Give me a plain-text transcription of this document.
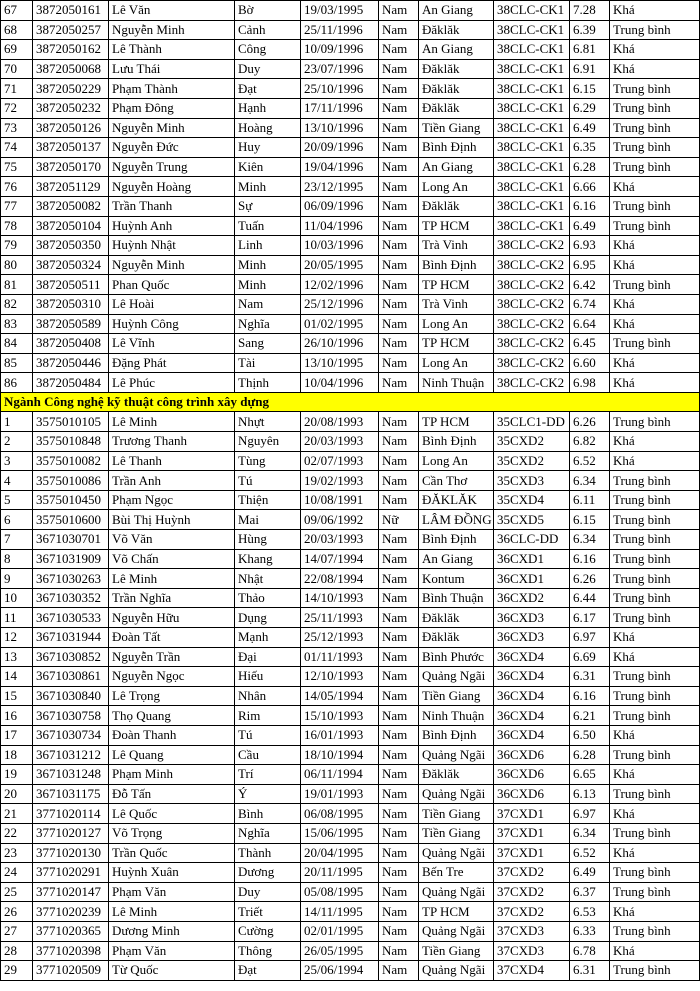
67	3872050161	Lê Văn	Bờ	19/03/1995	Nam	An Giang	38CLC-CK1	7.28	Khá
68	3872050257	Nguyễn Minh	Cảnh	25/11/1996	Nam	Đăklăk	38CLC-CK1	6.39	Trung bình
69	3872050162	Lê Thành	Công	10/09/1996	Nam	An Giang	38CLC-CK1	6.81	Khá
70	3872050068	Lưu Thái	Duy	23/07/1996	Nam	Đăklăk	38CLC-CK1	6.91	Khá
71	3872050229	Phạm Thành	Đạt	25/10/1996	Nam	Đăklăk	38CLC-CK1	6.15	Trung bình
72	3872050232	Phạm Đông	Hạnh	17/11/1996	Nam	Đăklăk	38CLC-CK1	6.29	Trung bình
73	3872050126	Nguyễn Minh	Hoàng	13/10/1996	Nam	Tiền Giang	38CLC-CK1	6.49	Trung bình
74	3872050137	Nguyễn Đức	Huy	20/09/1996	Nam	Bình Định	38CLC-CK1	6.35	Trung bình
75	3872050170	Nguyễn Trung	Kiên	19/04/1996	Nam	An Giang	38CLC-CK1	6.28	Trung bình
76	3872051129	Nguyễn Hoàng	Minh	23/12/1995	Nam	Long An	38CLC-CK1	6.66	Khá
77	3872050082	Trần Thanh	Sự	06/09/1996	Nam	Đăklăk	38CLC-CK1	6.16	Trung bình
78	3872050104	Huỳnh Anh	Tuấn	11/04/1996	Nam	TP HCM	38CLC-CK1	6.49	Trung bình
79	3872050350	Huỳnh Nhật	Linh	10/03/1996	Nam	Trà Vinh	38CLC-CK2	6.93	Khá
80	3872050324	Nguyễn Minh	Minh	20/05/1995	Nam	Bình Định	38CLC-CK2	6.95	Khá
81	3872050511	Phan Quốc	Minh	12/02/1996	Nam	TP HCM	38CLC-CK2	6.42	Trung bình
82	3872050310	Lê Hoài	Nam	25/12/1996	Nam	Trà Vinh	38CLC-CK2	6.74	Khá
83	3872050589	Huỳnh Công	Nghĩa	01/02/1995	Nam	Long An	38CLC-CK2	6.64	Khá
84	3872050408	Lê Vĩnh	Sang	26/10/1996	Nam	TP HCM	38CLC-CK2	6.45	Trung bình
85	3872050446	Đặng Phát	Tài	13/10/1995	Nam	Long An	38CLC-CK2	6.60	Khá
86	3872050484	Lê Phúc	Thịnh	10/04/1996	Nam	Ninh Thuận	38CLC-CK2	6.98	Khá
Ngành Công nghệ kỹ thuật công trình xây dựng									
1	3575010105	Lê Minh	Nhựt	20/08/1993	Nam	TP HCM	35CLC1-DD	6.26	Trung bình
2	3575010848	Trương Thanh	Nguyên	20/03/1993	Nam	Bình Định	35CXD2	6.82	Khá
3	3575010082	Lê Thanh	Tùng	02/07/1993	Nam	Long An	35CXD2	6.52	Khá
4	3575010086	Trần Anh	Tú	19/02/1993	Nam	Cần Thơ	35CXD3	6.34	Trung bình
5	3575010450	Phạm Ngọc	Thiện	10/08/1991	Nam	ĐĂKLĂK	35CXD4	6.11	Trung bình
6	3575010600	Bùi Thị Huỳnh	Mai	09/06/1992	Nữ	LÂM ĐỒNG	35CXD5	6.15	Trung bình
7	3671030701	Võ Văn	Hùng	20/03/1993	Nam	Bình Định	36CLC-DD	6.34	Trung bình
8	3671031909	Võ Chấn	Khang	14/07/1994	Nam	An Giang	36CXD1	6.16	Trung bình
9	3671030263	Lê Minh	Nhật	22/08/1994	Nam	Kontum	36CXD1	6.26	Trung bình
10	3671030352	Trần Nghĩa	Thảo	14/10/1993	Nam	Bình Thuận	36CXD2	6.44	Trung bình
11	3671030533	Nguyễn Hữu	Dụng	25/11/1993	Nam	Đăklăk	36CXD3	6.17	Trung bình
12	3671031944	Đoàn Tất	Mạnh	25/12/1993	Nam	Đăklăk	36CXD3	6.97	Khá
13	3671030852	Nguyễn Trần	Đại	01/11/1993	Nam	Bình Phước	36CXD4	6.69	Khá
14	3671030861	Nguyễn Ngọc	Hiếu	12/10/1993	Nam	Quảng Ngãi	36CXD4	6.31	Trung bình
15	3671030840	Lê Trọng	Nhân	14/05/1994	Nam	Tiền Giang	36CXD4	6.16	Trung bình
16	3671030758	Thọ Quang	Rim	15/10/1993	Nam	Ninh Thuận	36CXD4	6.21	Trung bình
17	3671030734	Đoàn Thanh	Tú	16/01/1993	Nam	Bình Định	36CXD4	6.50	Khá
18	3671031212	Lê Quang	Cầu	18/10/1994	Nam	Quảng Ngãi	36CXD6	6.28	Trung bình
19	3671031248	Phạm Minh	Trí	06/11/1994	Nam	Đăklăk	36CXD6	6.65	Khá
20	3671031175	Đỗ Tấn	Ý	19/01/1993	Nam	Quảng Ngãi	36CXD6	6.13	Trung bình
21	3771020114	Lê Quốc	Bình	06/08/1995	Nam	Tiền Giang	37CXD1	6.97	Khá
22	3771020127	Võ Trọng	Nghĩa	15/06/1995	Nam	Tiền Giang	37CXD1	6.34	Trung bình
23	3771020130	Trần Quốc	Thành	20/04/1995	Nam	Quảng Ngãi	37CXD1	6.52	Khá
24	3771020291	Huỳnh Xuân	Dương	20/11/1995	Nam	Bến Tre	37CXD2	6.49	Trung bình
25	3771020147	Phạm Văn	Duy	05/08/1995	Nam	Quảng Ngãi	37CXD2	6.37	Trung bình
26	3771020239	Lê Minh	Triết	14/11/1995	Nam	TP HCM	37CXD2	6.53	Khá
27	3771020365	Dương Minh	Cường	02/01/1995	Nam	Quảng Ngãi	37CXD3	6.33	Trung bình
28	3771020398	Phạm Văn	Thông	26/05/1995	Nam	Tiền Giang	37CXD3	6.78	Khá
29	3771020509	Từ Quốc	Đạt	25/06/1994	Nam	Quảng Ngãi	37CXD4	6.31	Trung bình
